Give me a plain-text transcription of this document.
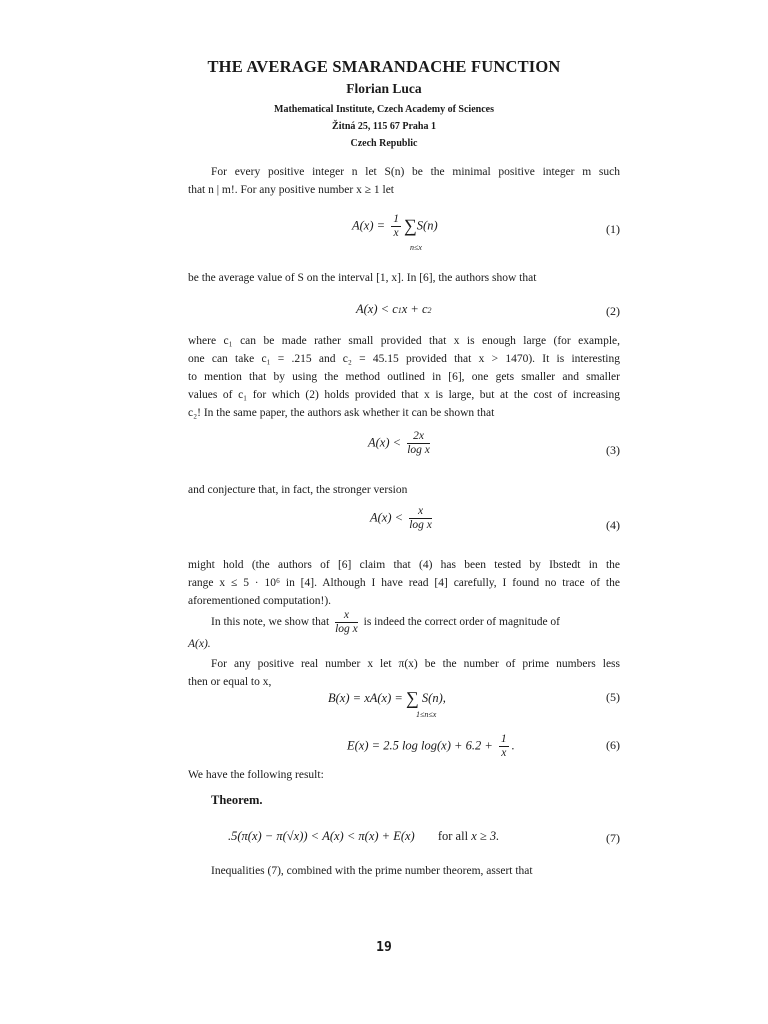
THE AVERAGE SMARANDACHE FUNCTION
Florian Luca
Mathematical Institute, Czech Academy of Sciences
Žitná 25, 115 67 Praha 1
Czech Republic
For every positive integer n let S(n) be the minimal positive integer m such
that n | m!. For any positive number x ≥ 1 let
$A(x) = \frac{1}{x} \sum S(n)$
n≤x
(1)
be the average value of S on the interval [1, x]. In [6], the authors show that
A(x) < c1x + c2	(2)
where c₁ can be made rather small provided that x is enough large (for example,
one can take c₁ = .215 and c₂ = 45.15 provided that x > 1470). It is interesting
to mention that by using the method outlined in [6], one gets smaller and smaller
values of c₁ for which (2) holds provided that x is large, but at the cost of increasing
c₂! In the same paper, the authors ask whether it can be shown that
$A(x) < \frac{2x}{\text{log x}}$	(3)
and conjecture that, in fact, the stronger version
$A(x) < \frac{x}{\text{log x}}$	(4)
might hold (the authors of [6] claim that (4) has been tested by Ibstedt in the
range x ≤ 5 · 10⁶ in [4]. Although I have read [4] carefully, I found no trace of the
aforementioned computation!).
In this note, we show that $\frac{x}{\text{log x}}$ is indeed the correct order of magnitude of
A(x).
For any positive real number x let π(x) be the number of prime numbers less
then or equal to x,
B(x) = xA(x) = ∑ S(n),
1≤n≤x
(5)
E(x) = 2.5 $\log \log(x) + 6.2 + \frac{1}{x}$ .	(6)
We have the following result:
Theorem.
.5(π(x) − π(√x)) < A(x) < π(x) + E(x) for all x ≥ 3.	(7)
Inequalities (7), combined with the prime number theorem, assert that
19
